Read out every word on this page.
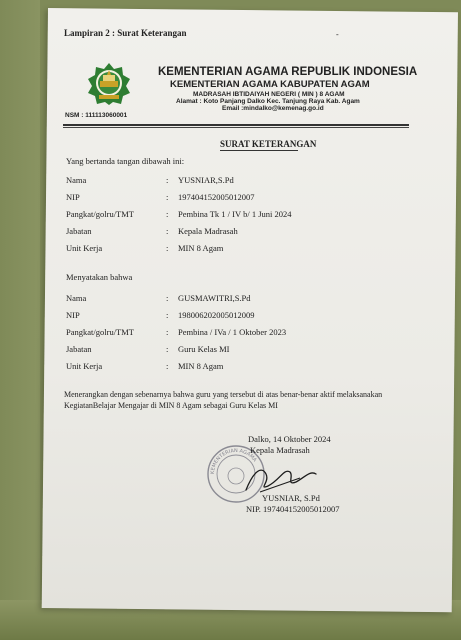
Lampiran 2 : Surat Keterangan	-
KEMENTERIAN AGAMA REPUBLIK INDONESIA
KEMENTERIAN AGAMA KABUPATEN AGAM
MADRASAH IBTIDAIYAH NEGERI ( MIN ) 8 AGAM
Alamat : Koto Panjang Dalko Kec. Tanjung Raya Kab. Agam
Email :mindalko@kemenag.go.id
NSM : 111113060001
SURAT KETERANGAN
Yang bertanda tangan dibawah ini:
Nama	: YUSNIAR,S.Pd
NIP	: 197404152005012007
Pangkat/golru/TMT	: Pembina Tk 1 / IV b/ 1 Juni 2024
Jabatan	: Kepala Madrasah
Unit Kerja	: MIN 8 Agam
Menyatakan bahwa
Nama	: GUSMAWITRI,S.Pd
NIP	: 198006202005012009
Pangkat/golru/TMT	: Pembina / IVa / 1 Oktober 2023
Jabatan	: Guru Kelas MI
Unit Kerja	: MIN 8 Agam
Menerangkan dengan sebenarnya bahwa guru yang tersebut di atas benar-benar aktif melaksanakan KegiatanBelajar Mengajar di MIN 8 Agam sebagai Guru Kelas MI
KEMENTERIAN AGAMA
Dalko, 14 Oktober 2024
Kepala Madrasah
YUSNIAR, S.Pd
NIP. 197404152005012007
